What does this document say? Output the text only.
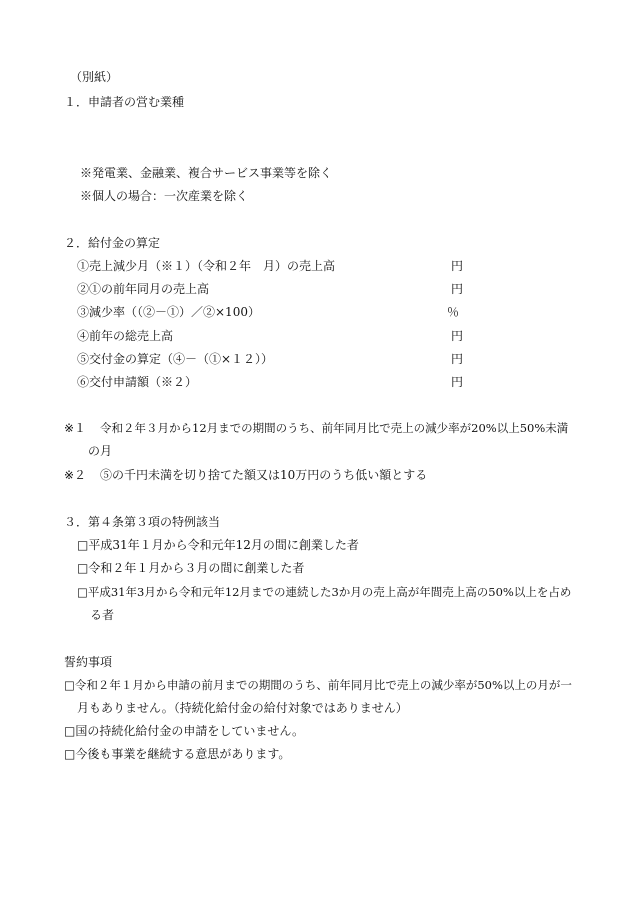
（別紙）
１．申請者の営む業種
※発電業、金融業、複合サービス事業等を除く
※個人の場合：一次産業を除く
２．給付金の算定
①売上減少月（※１）（令和２年　月）の売上高	円
②①の前年同月の売上高	円
③減少率（（②－①）／②×100）	％
④前年の総売上高	円
⑤交付金の算定（④－（①×１２））	円
⑥交付申請額（※２）	円
※１ 令和２年３月から12月までの期間のうち、前年同月比で売上の減少率が20%以上50%未満
の月
※２ ⑤の千円未満を切り捨てた額又は10万円のうち低い額とする
３．第４条第３項の特例該当
□平成31年１月から令和元年12月の間に創業した者
□令和２年１月から３月の間に創業した者
□平成31年3月から令和元年12月までの連続した3か月の売上高が年間売上高の50%以上を占め
る者
誓約事項
□令和２年１月から申請の前月までの期間のうち、前年同月比で売上の減少率が50%以上の月が一
月もありません。（持続化給付金の給付対象ではありません）
□国の持続化給付金の申請をしていません。
□今後も事業を継続する意思があります。
